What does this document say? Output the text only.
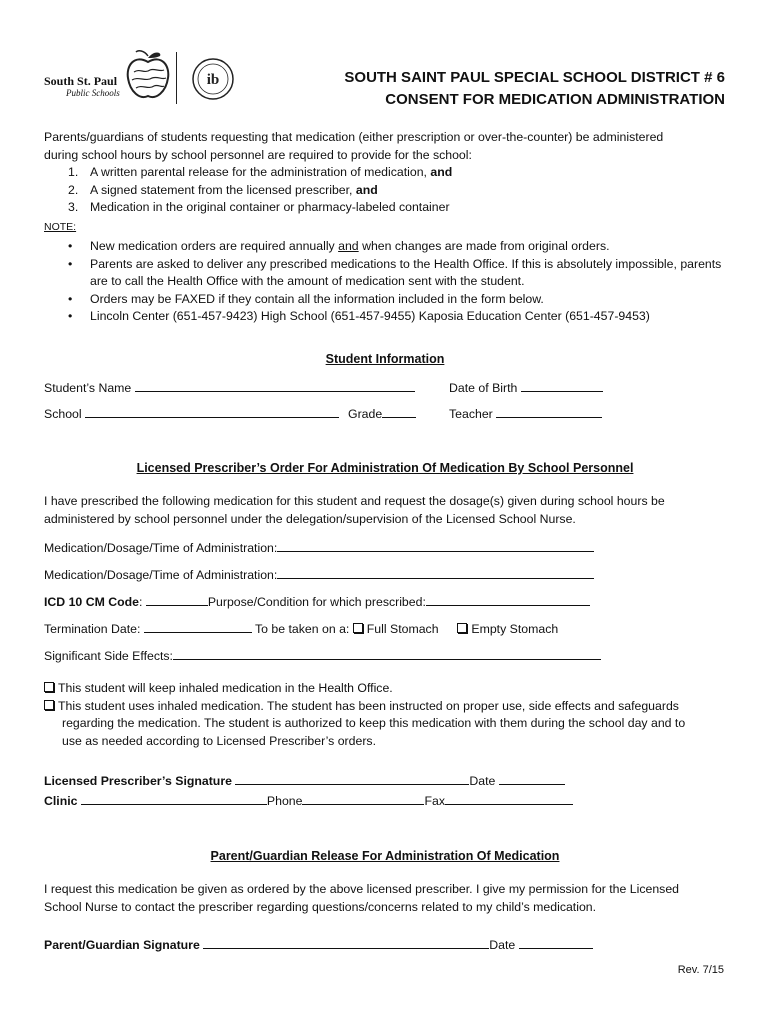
South St. Paul
Public Schools
ib	SOUTH SAINT PAUL SPECIAL SCHOOL DISTRICT # 6
CONSENT FOR MEDICATION ADMINISTRATION
Parents/guardians of students requesting that medication (either prescription or over-the-counter) be administered
during school hours by school personnel are required to provide for the school:
1. A written parental release for the administration of medication, and
2. A signed statement from the licensed prescriber, and
3. Medication in the original container or pharmacy-labeled container
NOTE:
• New medication orders are required annually and when changes are made from original orders.
• Parents are asked to deliver any prescribed medications to the Health Office. If this is absolutely impossible, parents are to call the Health Office with the amount of medication sent with the student.
• Orders may be FAXED if they contain all the information included in the form below.
• Lincoln Center (651-457-9423) High School (651-457-9455) Kaposia Education Center (651-457-9453)
Student Information
Student’s Name	Date of Birth
School	Grade	Teacher
Licensed Prescriber’s Order For Administration Of Medication By School Personnel
I have prescribed the following medication for this student and request the dosage(s) given during school hours be
administered by school personnel under the delegation/supervision of the Licensed School Nurse.
Medication/Dosage/Time of Administration:
Medication/Dosage/Time of Administration:
ICD 10 CM Code:	Purpose/Condition for which prescribed:
Termination Date:	To be taken on a: Full Stomach	Empty Stomach
Significant Side Effects:
This student will keep inhaled medication in the Health Office.
This student uses inhaled medication. The student has been instructed on proper use, side effects and safeguards
regarding the medication. The student is authorized to keep this medication with them during the school day and to
use as needed according to Licensed Prescriber’s orders.
Licensed Prescriber’s Signature	Date
Clinic	Phone	Fax
Parent/Guardian Release For Administration Of Medication
I request this medication be given as ordered by the above licensed prescriber. I give my permission for the Licensed
School Nurse to contact the prescriber regarding questions/concerns related to my child’s medication.
Parent/Guardian Signature	Date
Rev. 7/15
